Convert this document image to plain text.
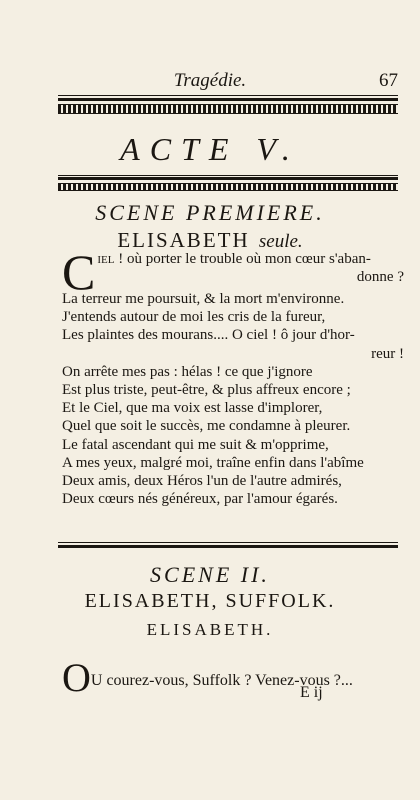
Tragédie.	67
ACTE V.
SCENE PREMIERE.
ELISABETH seule.
Ciel ! où porter le trouble où mon cœur s'aban-
donne ?
La terreur me poursuit, & la mort m'environne.
J'entends autour de moi les cris de la fureur,
Les plaintes des mourans.... O ciel ! ô jour d'hor-
reur !
On arrête mes pas : hélas ! ce que j'ignore
Est plus triste, peut-être, & plus affreux encore ;
Et le Ciel, que ma voix est lasse d'implorer,
Quel que soit le succès, me condamne à pleurer.
Le fatal ascendant qui me suit & m'opprime,
A mes yeux, malgré moi, traîne enfin dans l'abîme
Deux amis, deux Héros l'un de l'autre admirés,
Deux cœurs nés généreux, par l'amour égarés.
SCENE II.
ELISABETH, SUFFOLK.
ELISABETH.
OU courez-vous, Suffolk ? Venez-vous ?...
E ij
